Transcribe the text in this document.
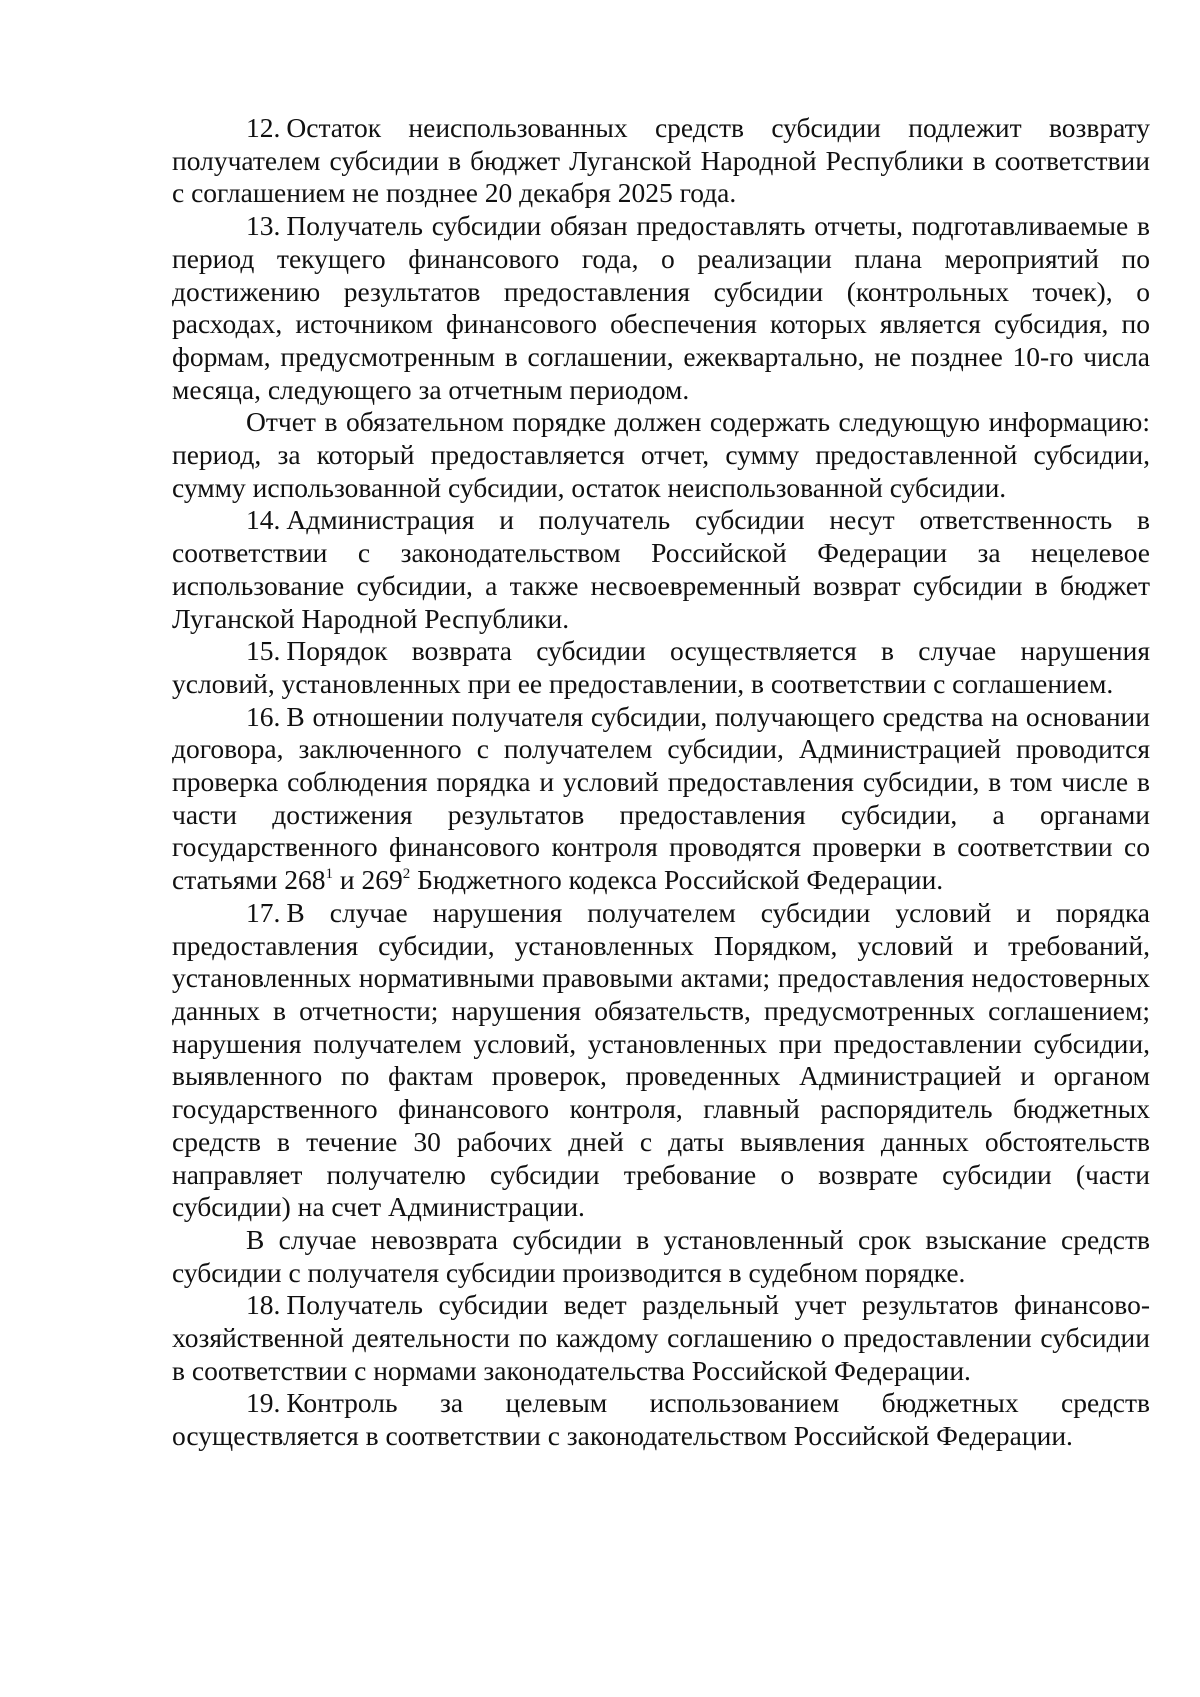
12. Остаток неиспользованных средств субсидии подлежит возврату получателем субсидии в бюджет Луганской Народной Республики в соответствии с соглашением не позднее 20 декабря 2025 года.

13. Получатель субсидии обязан предоставлять отчеты, подготавливаемые в период текущего финансового года, о реализации плана мероприятий по достижению результатов предоставления субсидии (контрольных точек), о расходах, источником финансового обеспечения которых является субсидия, по формам, предусмотренным в соглашении, ежеквартально, не позднее 10-го числа месяца, следующего за отчетным периодом.

Отчет в обязательном порядке должен содержать следующую информацию: период, за который предоставляется отчет, сумму предоставленной субсидии, сумму использованной субсидии, остаток неиспользованной субсидии.

14. Администрация и получатель субсидии несут ответственность в соответствии с законодательством Российской Федерации за нецелевое использование субсидии, а также несвоевременный возврат субсидии в бюджет Луганской Народной Республики.

15. Порядок возврата субсидии осуществляется в случае нарушения условий, установленных при ее предоставлении, в соответствии с соглашением.

16. В отношении получателя субсидии, получающего средства на основании договора, заключенного с получателем субсидии, Администрацией проводится проверка соблюдения порядка и условий предоставления субсидии, в том числе в части достижения результатов предоставления субсидии, а органами государственного финансового контроля проводятся проверки в соответствии со статьями $268^1$ и $269^2$ Бюджетного кодекса Российской Федерации.

17. В случае нарушения получателем субсидии условий и порядка предоставления субсидии, установленных Порядком, условий и требований, установленных нормативными правовыми актами; предоставления недостоверных данных в отчетности; нарушения обязательств, предусмотренных соглашением; нарушения получателем условий, установленных при предоставлении субсидии, выявленного по фактам проверок, проведенных Администрацией и органом государственного финансового контроля, главный распорядитель бюджетных средств в течение 30 рабочих дней с даты выявления данных обстоятельств направляет получателю субсидии требование о возврате субсидии (части субсидии) на счет Администрации.

В случае невозврата субсидии в установленный срок взыскание средств субсидии с получателя субсидии производится в судебном порядке.

18. Получатель субсидии ведет раздельный учет результатов финансово-хозяйственной деятельности по каждому соглашению о предоставлении субсидии в соответствии с нормами законодательства Российской Федерации.

19. Контроль за целевым использованием бюджетных средств осуществляется в соответствии с законодательством Российской Федерации.
